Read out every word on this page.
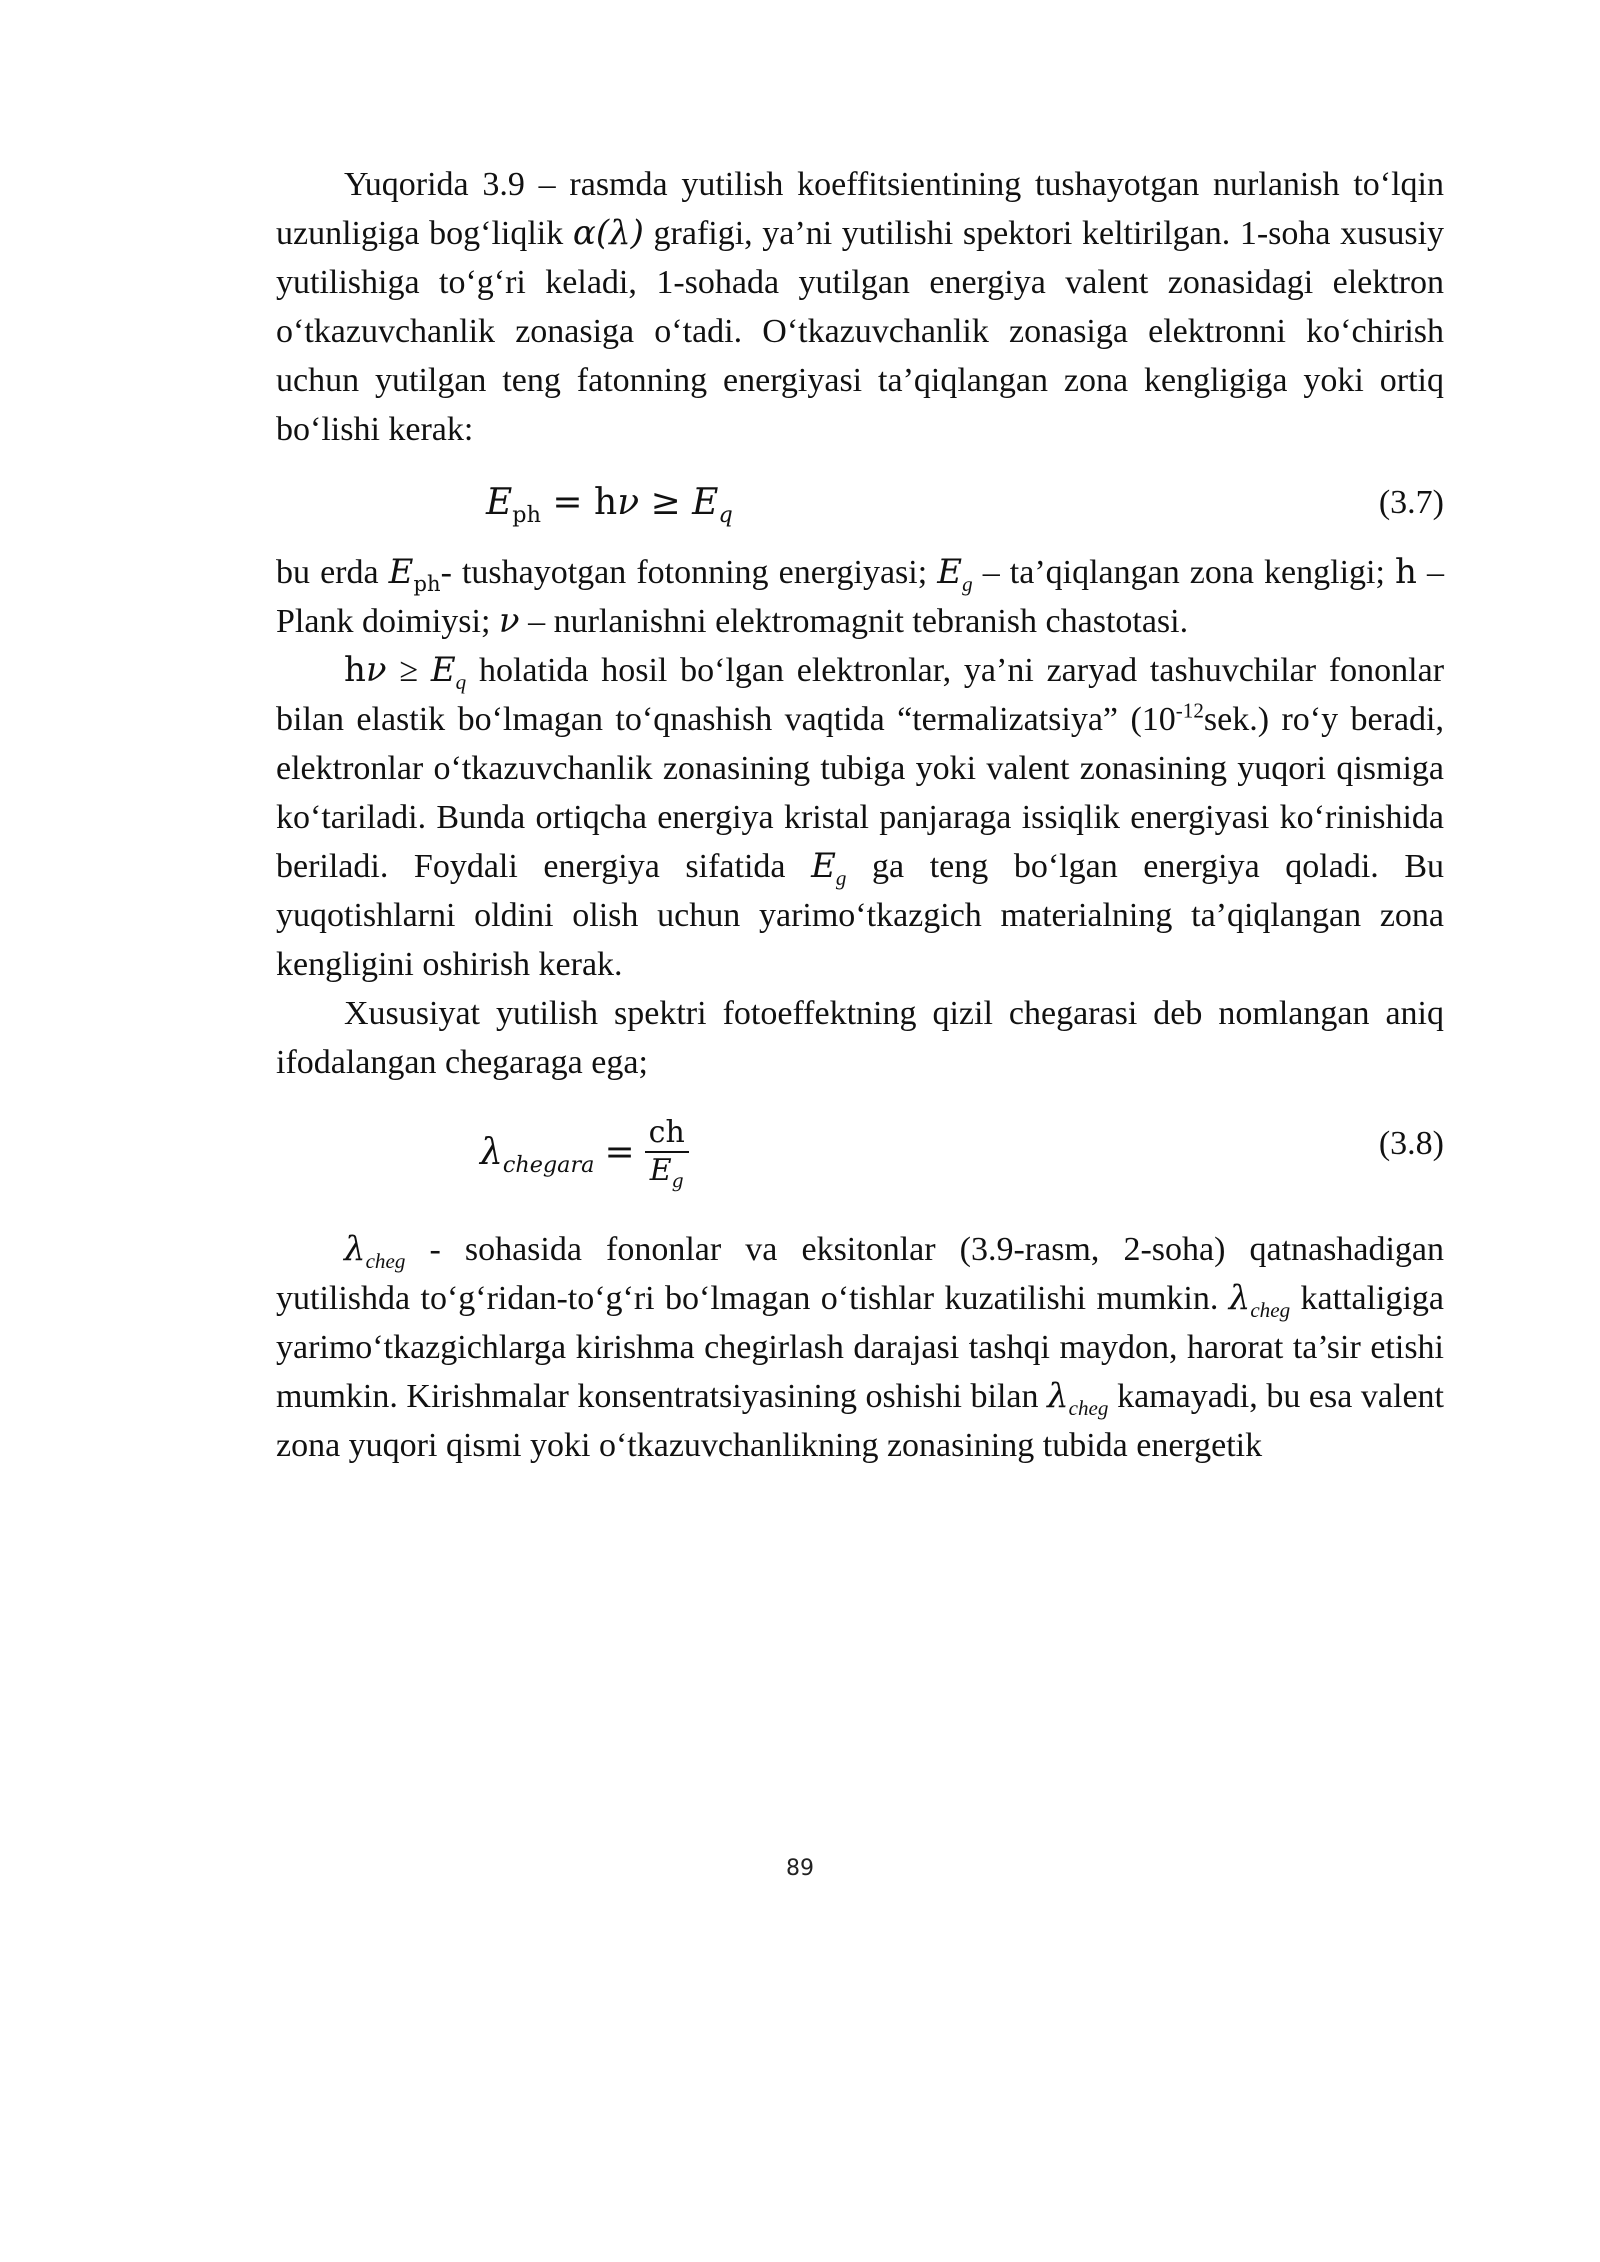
Yuqorida 3.9 – rasmda yutilish koeffitsientining tushayotgan nurlanish to‘lqin uzunligiga bog‘liqlik α(λ) grafigi, ya’ni yutilishi spektori keltirilgan. 1-soha xususiy yutilishiga to‘g‘ri keladi, 1-sohada yutilgan energiya valent zonasidagi elektron o‘tkazuvchanlik zonasiga o‘tadi. O‘tkazuvchanlik zonasiga elektronni ko‘chirish uchun yutilgan teng fatonning energiyasi ta’qiqlangan zona kengligiga yoki ortiq bo‘lishi kerak:

$E_{ph} = h\nu \ge E_q$	(3.7)

bu erda $E_{ph}-$ tushayotgan fotonning energiyasi; $E_g$ – ta’qiqlangan zona kengligi; h – Plank doimiysi; ν – nurlanishni elektromagnit tebranish chastotasi.

$h\nu \ge E_q$ holatida hosil bo‘lgan elektronlar, ya’ni zaryad tashuvchilar fononlar bilan elastik bo‘lmagan to‘qnashish vaqtida “termalizatsiya” $(10^{-12}sek.)$ ro‘y beradi, elektronlar o‘tkazuvchanlik zonasining tubiga yoki valent zonasining yuqori qismiga ko‘tariladi. Bunda ortiqcha energiya kristal panjaraga issiqlik energiyasi ko‘rinishida beriladi. Foydali energiya sifatida $E_g$ ga teng bo‘lgan energiya qoladi. Bu yuqotishlarni oldini olish uchun yarimo‘tkazgich materialning ta’qiqlangan zona kengligini oshirish kerak.

Xususiyat yutilish spektri fotoeffektning qizil chegarasi deb nomlangan aniq ifodalangan chegaraga ega;

$\lambda_{chegara} = \frac{ch}{E_g}$	(3.8)

$\lambda_{cheg}$ - sohasida fononlar va eksitonlar (3.9-rasm, 2-soha) qatnashadigan yutilishda to‘g‘ridan-to‘g‘ri bo‘lmagan o‘tishlar kuzatilishi mumkin. $\lambda_{cheg}$ kattaligiga yarimo‘tkazgichlarga kirishma chegirlash darajasi tashqi maydon, harorat ta’sir etishi mumkin. Kirishmalar konsentratsiyasining oshishi bilan $\lambda_{cheg}$ kamayadi, bu esa valent zona yuqori qismi yoki o‘tkazuvchanlikning zonasining tubida energetik

89
